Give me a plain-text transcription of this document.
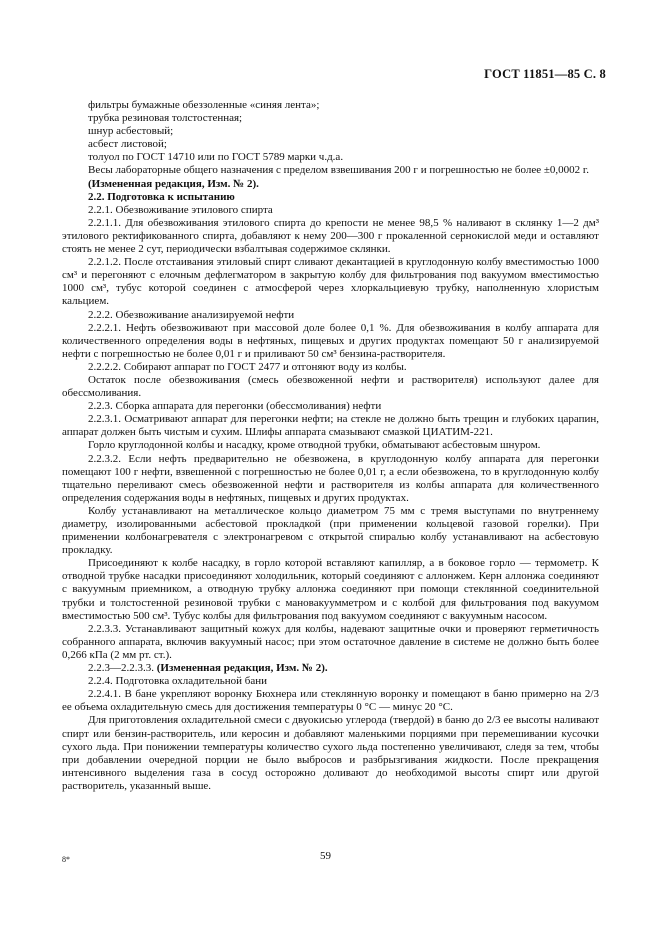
ГОСТ 11851—85 С. 8

фильтры бумажные обеззоленные «синяя лента»;

трубка резиновая толстостенная;

шнур асбестовый;

асбест листовой;

толуол по ГОСТ 14710 или по ГОСТ 5789 марки ч.д.а.

Весы лабораторные общего назначения с пределом взвешивания 200 г и погрешностью не более ±0,0002 г.

(Измененная редакция, Изм. № 2).

2.2. Подготовка к испытанию

2.2.1. Обезвоживание этилового спирта

2.2.1.1. Для обезвоживания этилового спирта до крепости не менее 98,5 % наливают в склянку 1—2 дм³ этилового ректификованного спирта, добавляют к нему 200—300 г прокаленной сернокислой меди и оставляют стоять не менее 2 сут, периодически взбалтывая содержимое склянки.

2.2.1.2. После отстаивания этиловый спирт сливают декантацией в круглодонную колбу вместимостью 1000 см³ и перегоняют с елочным дефлегматором в закрытую колбу для фильтрования под вакуумом вместимостью 1000 см³, тубус которой соединен с атмосферой через хлоркальциевую трубку, наполненную хлористым кальцием.

2.2.2. Обезвоживание анализируемой нефти

2.2.2.1. Нефть обезвоживают при массовой доле более 0,1 %. Для обезвоживания в колбу аппарата для количественного определения воды в нефтяных, пищевых и других продуктах помещают 50 г анализируемой нефти с погрешностью не более 0,01 г и приливают 50 см³ бензина-растворителя.

2.2.2.2. Собирают аппарат по ГОСТ 2477 и отгоняют воду из колбы.

Остаток после обезвоживания (смесь обезвоженной нефти и растворителя) используют далее для обессмоливания.

2.2.3. Сборка аппарата для перегонки (обессмоливания) нефти

2.2.3.1. Осматривают аппарат для перегонки нефти; на стекле не должно быть трещин и глубоких царапин, аппарат должен быть чистым и сухим. Шлифы аппарата смазывают смазкой ЦИАТИМ-221.

Горло круглодонной колбы и насадку, кроме отводной трубки, обматывают асбестовым шнуром.

2.2.3.2. Если нефть предварительно не обезвожена, в круглодонную колбу аппарата для перегонки помещают 100 г нефти, взвешенной с погрешностью не более 0,01 г, а если обезвожена, то в круглодонную колбу тщательно переливают смесь обезвоженной нефти и растворителя из колбы аппарата для количественного определения содержания воды в нефтяных, пищевых и других продуктах.

Колбу устанавливают на металлическое кольцо диаметром 75 мм с тремя выступами по внутреннему диаметру, изолированными асбестовой прокладкой (при применении кольцевой газовой горелки). При применении колбонагревателя с электронагревом с открытой спиралью колбу устанавливают на асбестовую прокладку.

Присоединяют к колбе насадку, в горло которой вставляют капилляр, а в боковое горло — термометр. К отводной трубке насадки присоединяют холодильник, который соединяют с аллонжем. Керн аллонжа соединяют с вакуумным приемником, а отводную трубку аллонжа соединяют при помощи стеклянной соединительной трубки и толстостенной резиновой трубки с мановакуумметром и с колбой для фильтрования под вакуумом вместимостью 500 см³. Тубус колбы для фильтрования под вакуумом соединяют с вакуумным насосом.

2.2.3.3. Устанавливают защитный кожух для колбы, надевают защитные очки и проверяют герметичность собранного аппарата, включив вакуумный насос; при этом остаточное давление в системе не должно быть более 0,266 кПа (2 мм рт. ст.).

2.2.3—2.2.3.3. (Измененная редакция, Изм. № 2).

2.2.4. Подготовка охладительной бани

2.2.4.1. В бане укрепляют воронку Бюхнера или стеклянную воронку и помещают в баню примерно на 2/3 ее объема охладительную смесь для достижения температуры 0 °С — минус 20 °С.

Для приготовления охладительной смеси с двуокисью углерода (твердой) в баню до 2/3 ее высоты наливают спирт или бензин-растворитель, или керосин и добавляют маленькими порциями при перемешивании кусочки сухого льда. При понижении температуры количество сухого льда постепенно увеличивают, следя за тем, чтобы при добавлении очередной порции не было выбросов и разбрызгивания жидкости. После прекращения интенсивного выделения газа в сосуд осторожно доливают до необходимой высоты спирт или другой растворитель, указанный выше.

8*	59
